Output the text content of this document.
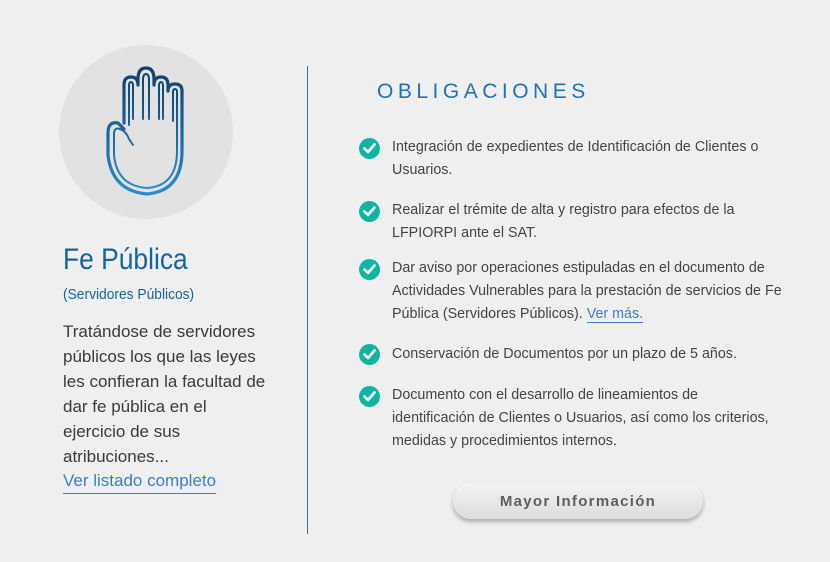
Fe Pública
(Servidores Públicos)
Tratándose de servidores públicos los que las leyes les confieran la facultad de dar fe pública en el ejercicio de sus atribuciones...
Ver listado completo
OBLIGACIONES
Integración de expedientes de Identificación de Clientes o Usuarios.
Realizar el trémite de alta y registro para efectos de la LFPIORPI ante el SAT.
Dar aviso por operaciones estipuladas en el documento de Actividades Vulnerables para la prestación de servicios de Fe Pública (Servidores Públicos). Ver más.
Conservación de Documentos por un plazo de 5 años.
Documento con el desarrollo de lineamientos de identificación de Clientes o Usuarios, así como los criterios, medidas y procedimientos internos.
Mayor Información
